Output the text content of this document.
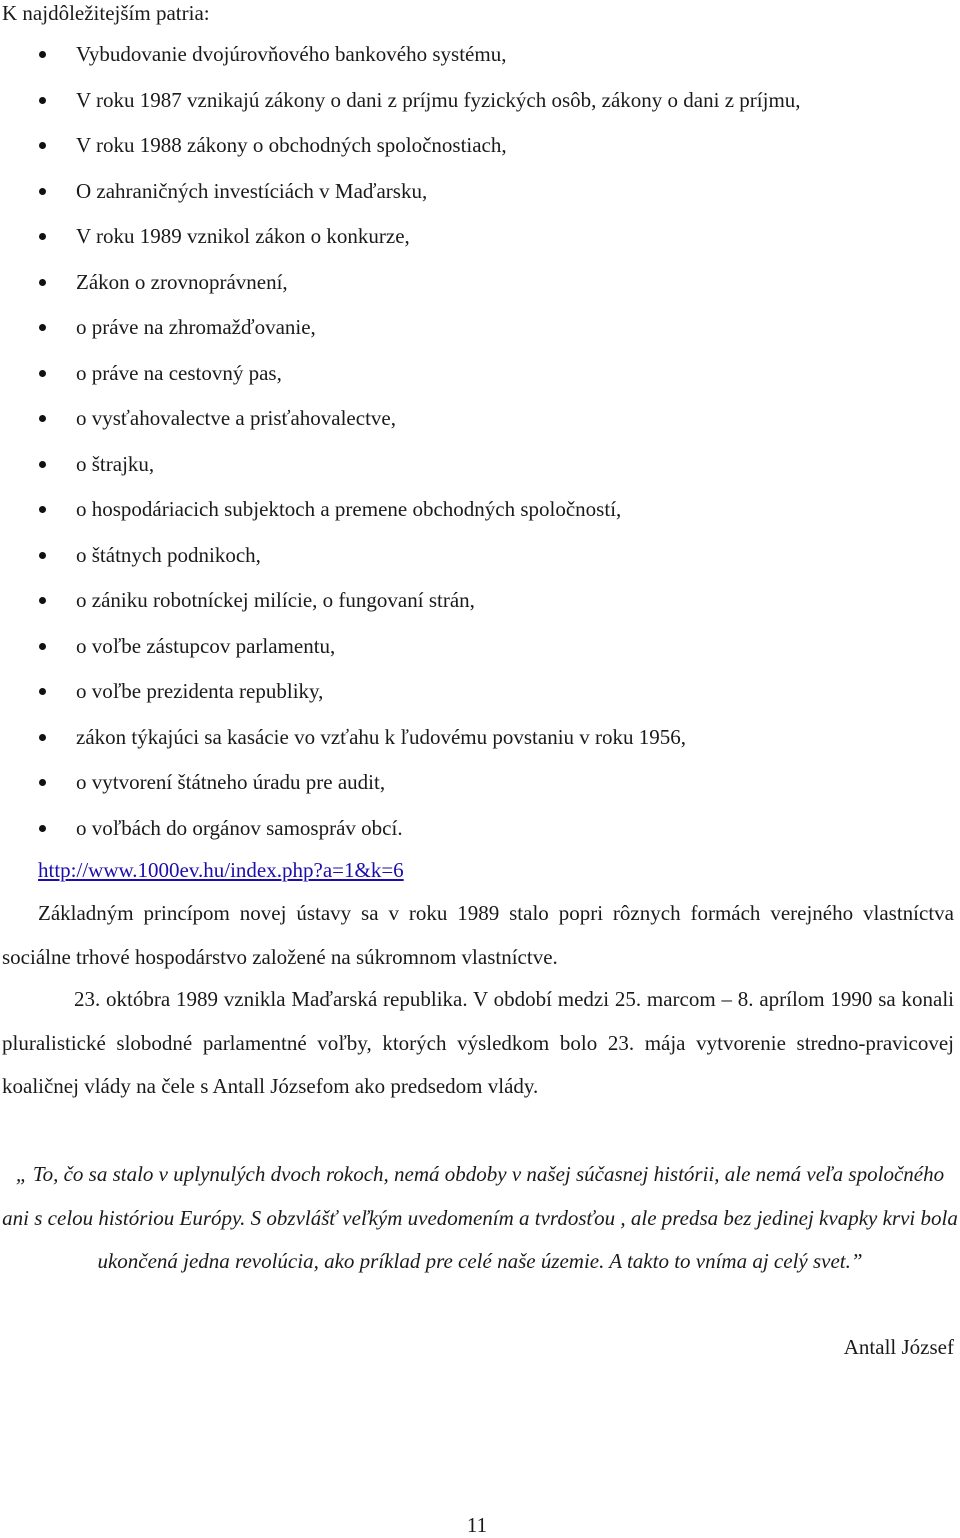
K najdôležitejším patria:
Vybudovanie dvojúrovňového bankového systému,
V roku 1987 vznikajú zákony o dani z príjmu fyzických osôb, zákony o dani z príjmu,
V roku 1988 zákony o obchodných spoločnostiach,
O zahraničných investíciách v Maďarsku,
V roku 1989 vznikol zákon o konkurze,
Zákon o zrovnoprávnení,
o práve na zhromažďovanie,
o práve na cestovný pas,
o vysťahovalectve a prisťahovalectve,
o štrajku,
o hospodáriacich subjektoch a premene obchodných spoločností,
o štátnych podnikoch,
o zániku robotníckej milície, o fungovaní strán,
o voľbe zástupcov parlamentu,
o voľbe prezidenta republiky,
zákon týkajúci sa kasácie vo vzťahu k ľudovému povstaniu v roku 1956,
o vytvorení štátneho úradu pre audit,
o voľbách do orgánov samospráv obcí.
http://www.1000ev.hu/index.php?a=1&k=6

Základným princípom novej ústavy sa v roku 1989 stalo popri rôznych formách verejného vlastníctva sociálne trhové hospodárstvo založené na súkromnom vlastníctve.

23. októbra 1989 vznikla Maďarská republika. V období medzi 25. marcom – 8. aprílom 1990 sa konali pluralistické slobodné parlamentné voľby, ktorých výsledkom bolo 23. mája vytvorenie stredno-pravicovej koaličnej vlády na čele s Antall Józsefom ako predsedom vlády.

„ To, čo sa stalo v uplynulých dvoch rokoch, nemá obdoby v našej súčasnej histórii, ale nemá veľa spoločného ani s celou históriou Európy. S obzvlášť veľkým uvedomením a tvrdosťou , ale predsa bez jedinej kvapky krvi bola ukončená jedna revolúcia, ako príklad pre celé naše územie. A takto to vníma aj celý svet.”

Antall József
11
